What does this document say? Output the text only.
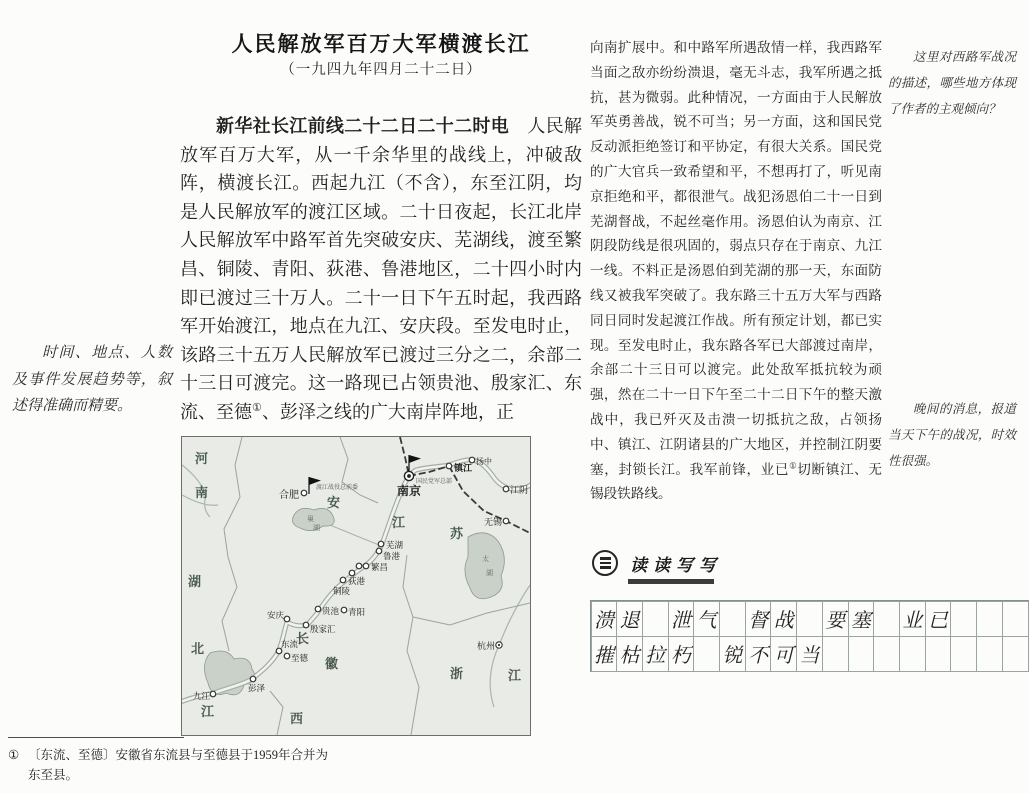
人民解放军百万大军横渡长江
（一九四九年四月二十二日）

新华社长江前线二十二日二十二时电　人民解放军百万大军，从一千余华里的战线上，冲破敌阵，横渡长江。西起九江（不含），东至江阴，均是人民解放军的渡江区域。二十日夜起，长江北岸人民解放军中路军首先突破安庆、芜湖线，渡至繁昌、铜陵、青阳、荻港、鲁港地区，二十四小时内即已渡过三十万人。二十一日下午五时起，我西路军开始渡江，地点在九江、安庆段。至发电时止，该路三十五万人民解放军已渡过三分之二，余部二十三日可渡完。这一路现已占领贵池、殷家汇、东流、至德①、彭泽之线的广大南岸阵地，正

时间、地点、人数及事件发展趋势等，叙述得准确而精要。

这里对西路军战况的描述，哪些地方体现了作者的主观倾向？

晚间的消息，报道当天下午的战况，时效性很强。

向南扩展中。和中路军所遇敌情一样，我西路军当面之敌亦纷纷溃退，毫无斗志，我军所遇之抵抗，甚为微弱。此种情况，一方面由于人民解放军英勇善战，锐不可当；另一方面，这和国民党反动派拒绝签订和平协定，有很大关系。国民党的广大官兵一致希望和平，不想再打了，听见南京拒绝和平，都很泄气。战犯汤恩伯二十一日到芜湖督战，不起丝毫作用。汤恩伯认为南京、江阴段防线是很巩固的，弱点只存在于南京、九江一线。不料正是汤恩伯到芜湖的那一天，东面防线又被我军突破了。我东路三十五万大军与西路同日同时发起渡江作战。所有预定计划，都已实现。至发电时止，我东路各军已大部渡过南岸，余部二十三日可以渡完。此处敌军抵抗较为顽强，然在二十一日下午至二十二日下午的整天激战中，我已歼灭及击溃一切抵抗之敌，占领扬中、镇江、江阴诸县的广大地区，并控制江阴要塞，封锁长江。我军前锋，业已①切断镇江、无锡段铁路线。

读读写写
溃 退 泄 气 督 战 要 塞 业 已
摧 枯 拉 朽 锐 不 可 当
① 〔东流、至德〕安徽省东流县与至德县于1959年合并为东至县。
河
南
安
徽
江
苏
湖
北
江	西
浙	江
长
太
湖
巢
湖
合肥	南京
镇江
扬中
江阴
无锡
芜湖
鲁港
繁昌
荻港
铜陵
贵池 青阳
安庆
殷家汇
东流
至德
彭泽
九江
杭州
渡江战役总前委
国民党军总部
